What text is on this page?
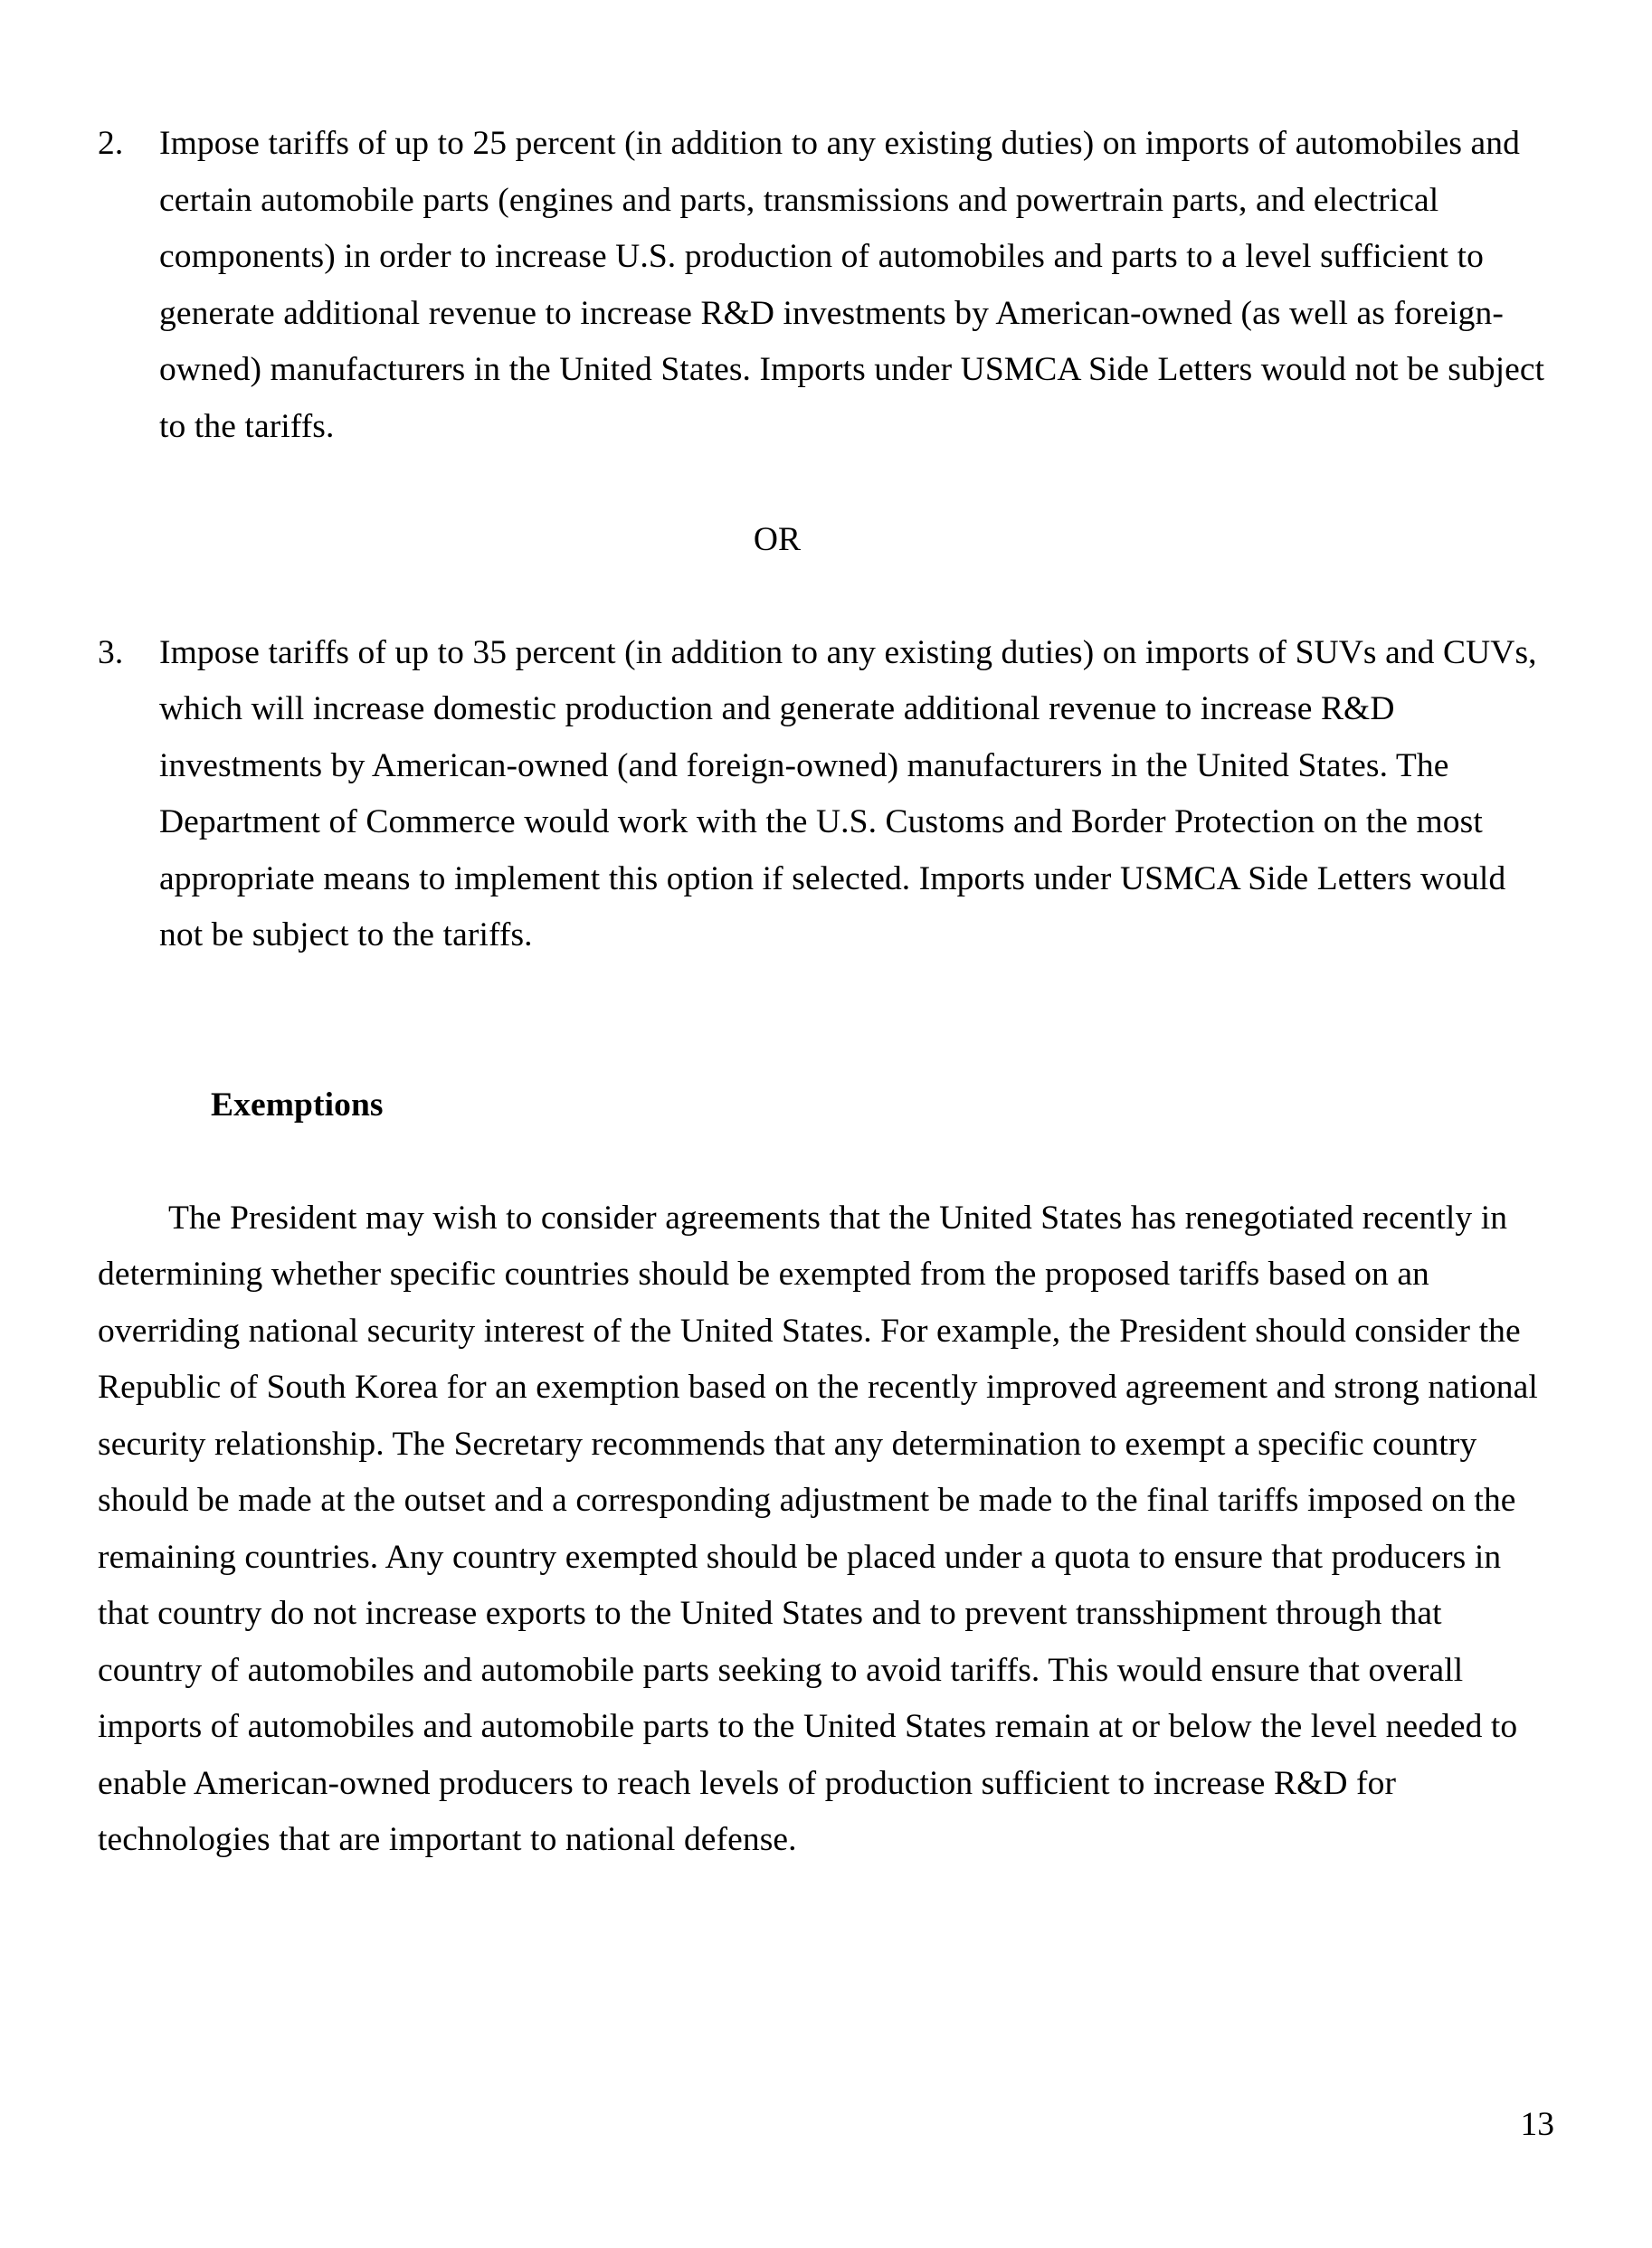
2.	Impose tariffs of up to 25 percent (in addition to any existing duties) on imports of automobiles and certain automobile parts (engines and parts, transmissions and powertrain parts, and electrical components) in order to increase U.S. production of automobiles and parts to a level sufficient to generate additional revenue to increase R&D investments by American-owned (as well as foreign-owned) manufacturers in the United States. Imports under USMCA Side Letters would not be subject to the tariffs.
OR
3.	Impose tariffs of up to 35 percent (in addition to any existing duties) on imports of SUVs and CUVs, which will increase domestic production and generate additional revenue to increase R&D investments by American-owned (and foreign-owned) manufacturers in the United States. The Department of Commerce would work with the U.S. Customs and Border Protection on the most appropriate means to implement this option if selected. Imports under USMCA Side Letters would not be subject to the tariffs.
Exemptions
The President may wish to consider agreements that the United States has renegotiated recently in determining whether specific countries should be exempted from the proposed tariffs based on an overriding national security interest of the United States. For example, the President should consider the Republic of South Korea for an exemption based on the recently improved agreement and strong national security relationship. The Secretary recommends that any determination to exempt a specific country should be made at the outset and a corresponding adjustment be made to the final tariffs imposed on the remaining countries. Any country exempted should be placed under a quota to ensure that producers in that country do not increase exports to the United States and to prevent transshipment through that country of automobiles and automobile parts seeking to avoid tariffs. This would ensure that overall imports of automobiles and automobile parts to the United States remain at or below the level needed to enable American-owned producers to reach levels of production sufficient to increase R&D for technologies that are important to national defense.
13
